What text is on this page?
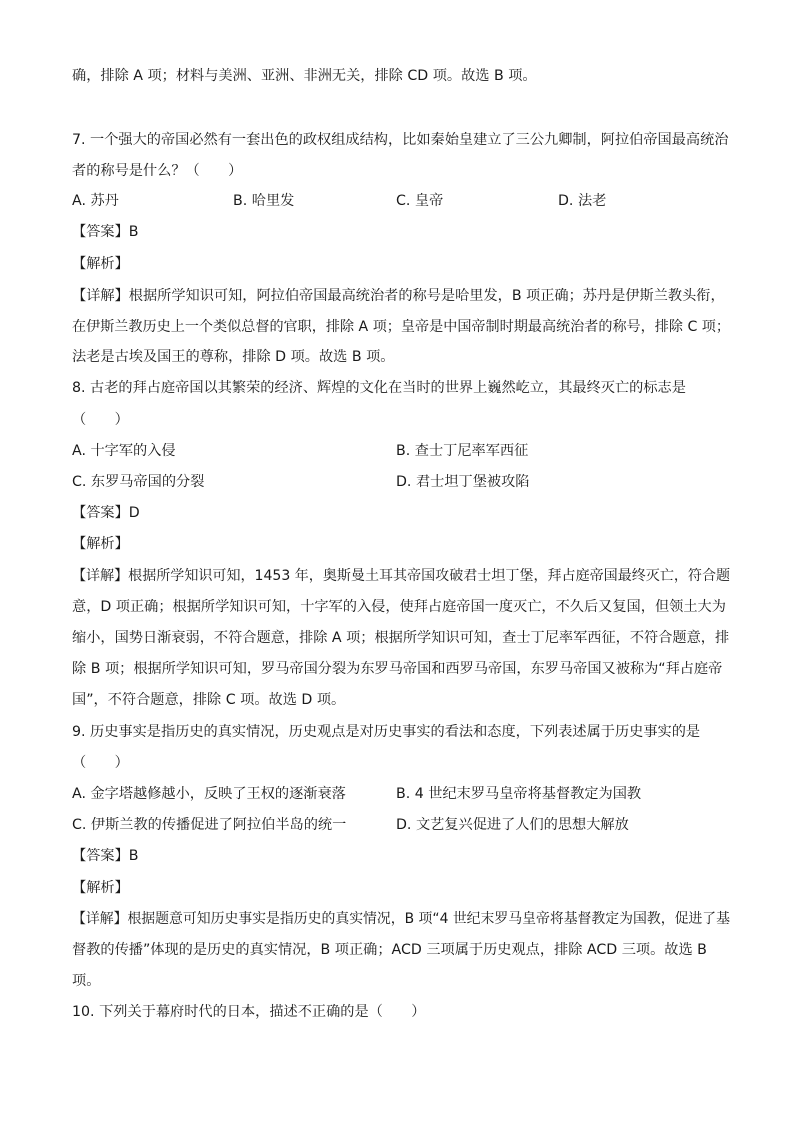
确，排除 A 项；材料与美洲、亚洲、非洲无关，排除 CD 项。故选 B 项。
7. 一个强大的帝国必然有一套出色的政权组成结构，比如秦始皇建立了三公九卿制，阿拉伯帝国最高统治
者的称号是什么？（　　）
A. 苏丹	B. 哈里发	C. 皇帝	D. 法老
【答案】B
【解析】
【详解】根据所学知识可知，阿拉伯帝国最高统治者的称号是哈里发，B 项正确；苏丹是伊斯兰教头衔，
在伊斯兰教历史上一个类似总督的官职，排除 A 项；皇帝是中国帝制时期最高统治者的称号，排除 C 项；
法老是古埃及国王的尊称，排除 D 项。故选 B 项。
8. 古老的拜占庭帝国以其繁荣的经济、辉煌的文化在当时的世界上巍然屹立，其最终灭亡的标志是
（　　）
A. 十字军的入侵	B. 查士丁尼率军西征
C. 东罗马帝国的分裂	D. 君士坦丁堡被攻陷
【答案】D
【解析】
【详解】根据所学知识可知，1453 年，奥斯曼土耳其帝国攻破君士坦丁堡，拜占庭帝国最终灭亡，符合题
意，D 项正确；根据所学知识可知，十字军的入侵，使拜占庭帝国一度灭亡，不久后又复国，但领土大为
缩小，国势日渐衰弱，不符合题意，排除 A 项；根据所学知识可知，查士丁尼率军西征，不符合题意，排
除 B 项；根据所学知识可知，罗马帝国分裂为东罗马帝国和西罗马帝国，东罗马帝国又被称为“拜占庭帝
国”，不符合题意，排除 C 项。故选 D 项。
9. 历史事实是指历史的真实情况，历史观点是对历史事实的看法和态度，下列表述属于历史事实的是
（　　）
A. 金字塔越修越小，反映了王权的逐渐衰落	B. 4 世纪末罗马皇帝将基督教定为国教
C. 伊斯兰教的传播促进了阿拉伯半岛的统一	D. 文艺复兴促进了人们的思想大解放
【答案】B
【解析】
【详解】根据题意可知历史事实是指历史的真实情况，B 项“4 世纪末罗马皇帝将基督教定为国教，促进了基
督教的传播”体现的是历史的真实情况，B 项正确；ACD 三项属于历史观点，排除 ACD 三项。故选 B
项。
10. 下列关于幕府时代的日本，描述不正确的是（　　）
